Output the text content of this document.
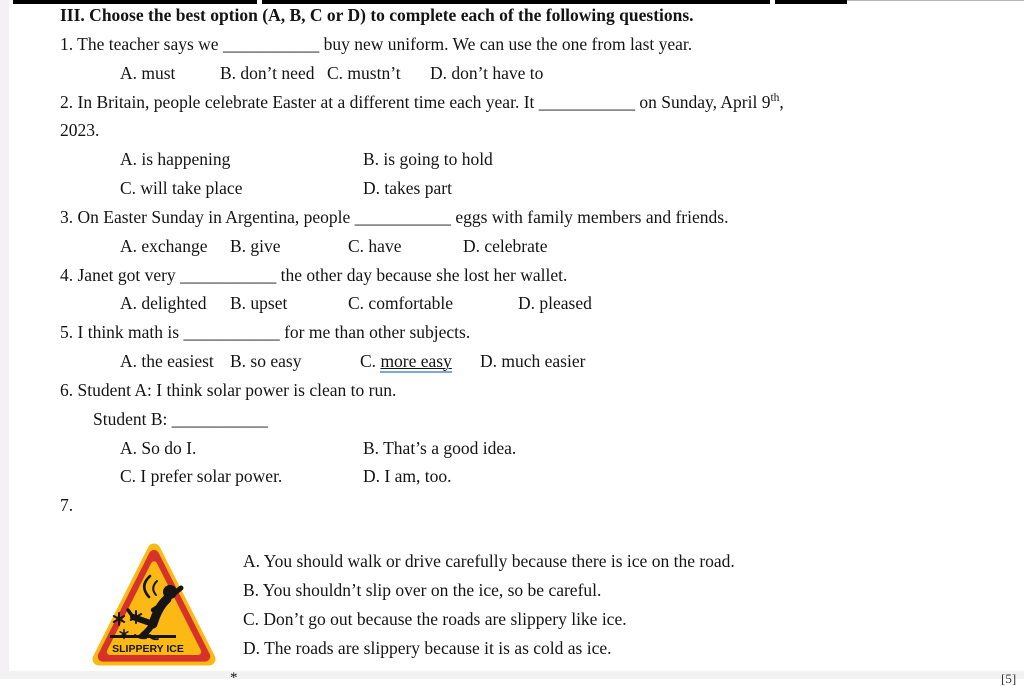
III. Choose the best option (A, B, C or D) to complete each of the following questions.
1. The teacher says we ___________ buy new uniform. We can use the one from last year.
A. must	B. don’t need C. mustn’t D. don’t have to
2. In Britain, people celebrate Easter at a different time each year. It ___________ on Sunday, April 9th,
2023.
A. is happening	B. is going to hold
C. will take place	D. takes part
3. On Easter Sunday in Argentina, people ___________ eggs with family members and friends.
A. exchange B. give	C. have	D. celebrate
4. Janet got very ___________ the other day because she lost her wallet.
A. delighted B. upset	C. comfortable	D. pleased
5. I think math is ___________ for me than other subjects.
A. the easiest B. so easy	C. more easy D. much easier
6. Student A: I think solar power is clean to run.
Student B: ___________
A. So do I.	B. That’s a good idea.
C. I prefer solar power.	D. I am, too.
7.
SLIPPERY ICE
A. You should walk or drive carefully because there is ice on the road.
B. You shouldn’t slip over on the ice, so be careful.
C. Don’t go out because the roads are slippery like ice.
D. The roads are slippery because it is as cold as ice.
[5]
